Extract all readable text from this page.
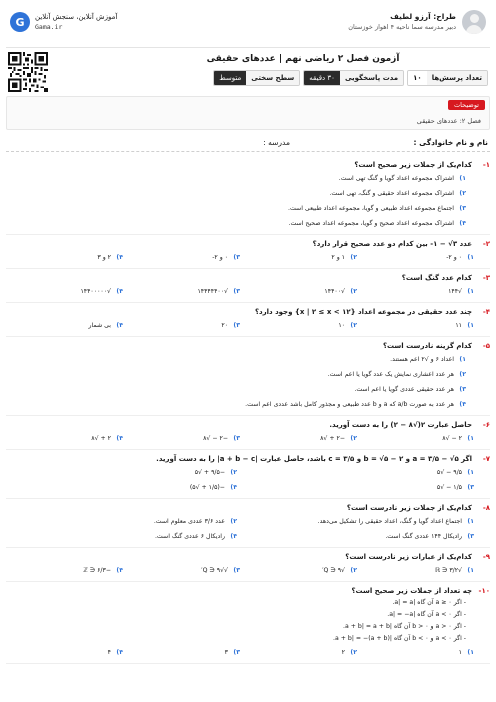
طراح: آرزو لطیف
دبیر مدرسه سما ناحیه ۴ اهواز خوزستان
G	آموزش آنلاین، سنجش آنلاین
Gama.ir
آزمون فصل ۲ ریاضی نهم | عددهای حقیقی
تعداد پرسش‌ها
۱۰
مدت پاسخگویی
۳۰ دقیقه
سطح سختی
متوسط
توضیحات
فصل ۲: عددهای حقیقی
نام و نام خانوادگی :
مدرسه :
۱-
کدام‌یک از جملات زیر صحیح است؟
۱)
اشتراک مجموعه اعداد گویا و گنگ تهی است.
۲)
اشتراک مجموعه اعداد حقیقی و گنگ، تهی است.
۳)
اجتماع مجموعه اعداد طبیعی و گویا، مجموعه اعداد طبیعی است.
۴)
اشتراک مجموعه اعداد صحیح و گویا، مجموعه اعداد صحیح است.
۲-
عدد ۳√ − ۱- بین کدام دو عدد صحیح قرار دارد؟
۱)
۰ و ۲-
۲)
۱ و ۲
۳)
۰ و ۲-
۴)
۲ و ۳
۳-
کدام عدد گنگ است؟
۱)
√۱۴۴
۲)
√۱۴۴۰۰
۳)
√۱۴۴۴۴۴۰۰
۴)
√۱۴۴۰۰۰۰۰
۴-
چند عدد حقیقی در مجموعه اعداد {x | ۲ ≤ x < ۱۲} وجود دارد؟
۱)
۱۱
۲)
۱۰
۳)
۲۰
۴)
بی شمار
۵-
کدام گزینه نادرست است؟
۱)
اعداد ۶ و √۲ اعم هستند.
۲)
هر عدد اعشاری نمایش یک عدد گویا یا اعم است.
۳)
هر عدد حقیقی عددی گویا یا اعم است.
۴)
هر عدد به صورت a/b که a و b عدد طبیعی و مجذور کامل باشد عددی اعم است.
۶-
حاصل عبارت ۲(√۸ − ۲) را به دست آورید.
۱)
۲ − √۸
۲)
−۲ + √۸
۳)
−۲ − √۸
۴)
۲ + √۸
۷-
اگر a = ۳/۵ − √۵ و b = √۵ − ۲ و c = ۳/۵ باشد، حاصل عبارت |a + b − c| را به دست آورید.
۱)
۹/۵ − √۵
۲)
−۹/۵ + √۵
۳)
۱/۵ − √۵
۴)
−(۱/۵ + √۵)
۸-
کدام‌یک از جملات زیر نادرست است؟
۱)
اجتماع اعداد گویا و گنگ، اعداد حقیقی را تشکیل می‌دهد.
۲)
عدد ۳/۶ عددی معلوم است.
۳)
رادیکال ۱۴۴ عددی گنگ است.
۴)
رادیکال ۶ عددی گنگ است.
۹-
کدام‌یک از عبارات زیر نادرست است؟
۱)
√۳/۲ ∈ ℝ
۲)
√۹ ∈ Q′
۳)
√√۹ ∈ Q′
۴)
−۶/۳ ∈ ℤ
۱۰-
چه تعداد از جملات زیر صحیح است؟
- اگر a ≥ ۰ آن گاه |a| = a.
- اگر a < ۰ آن گاه |a| = −a.
- اگر a > ۰ و b > ۰ آن گاه |a + b| = a + b.
- اگر a < ۰ و b < ۰ آن گاه |a + b| = −(a + b).
۱)
۱
۲)
۲
۳)
۳
۴)
۴
